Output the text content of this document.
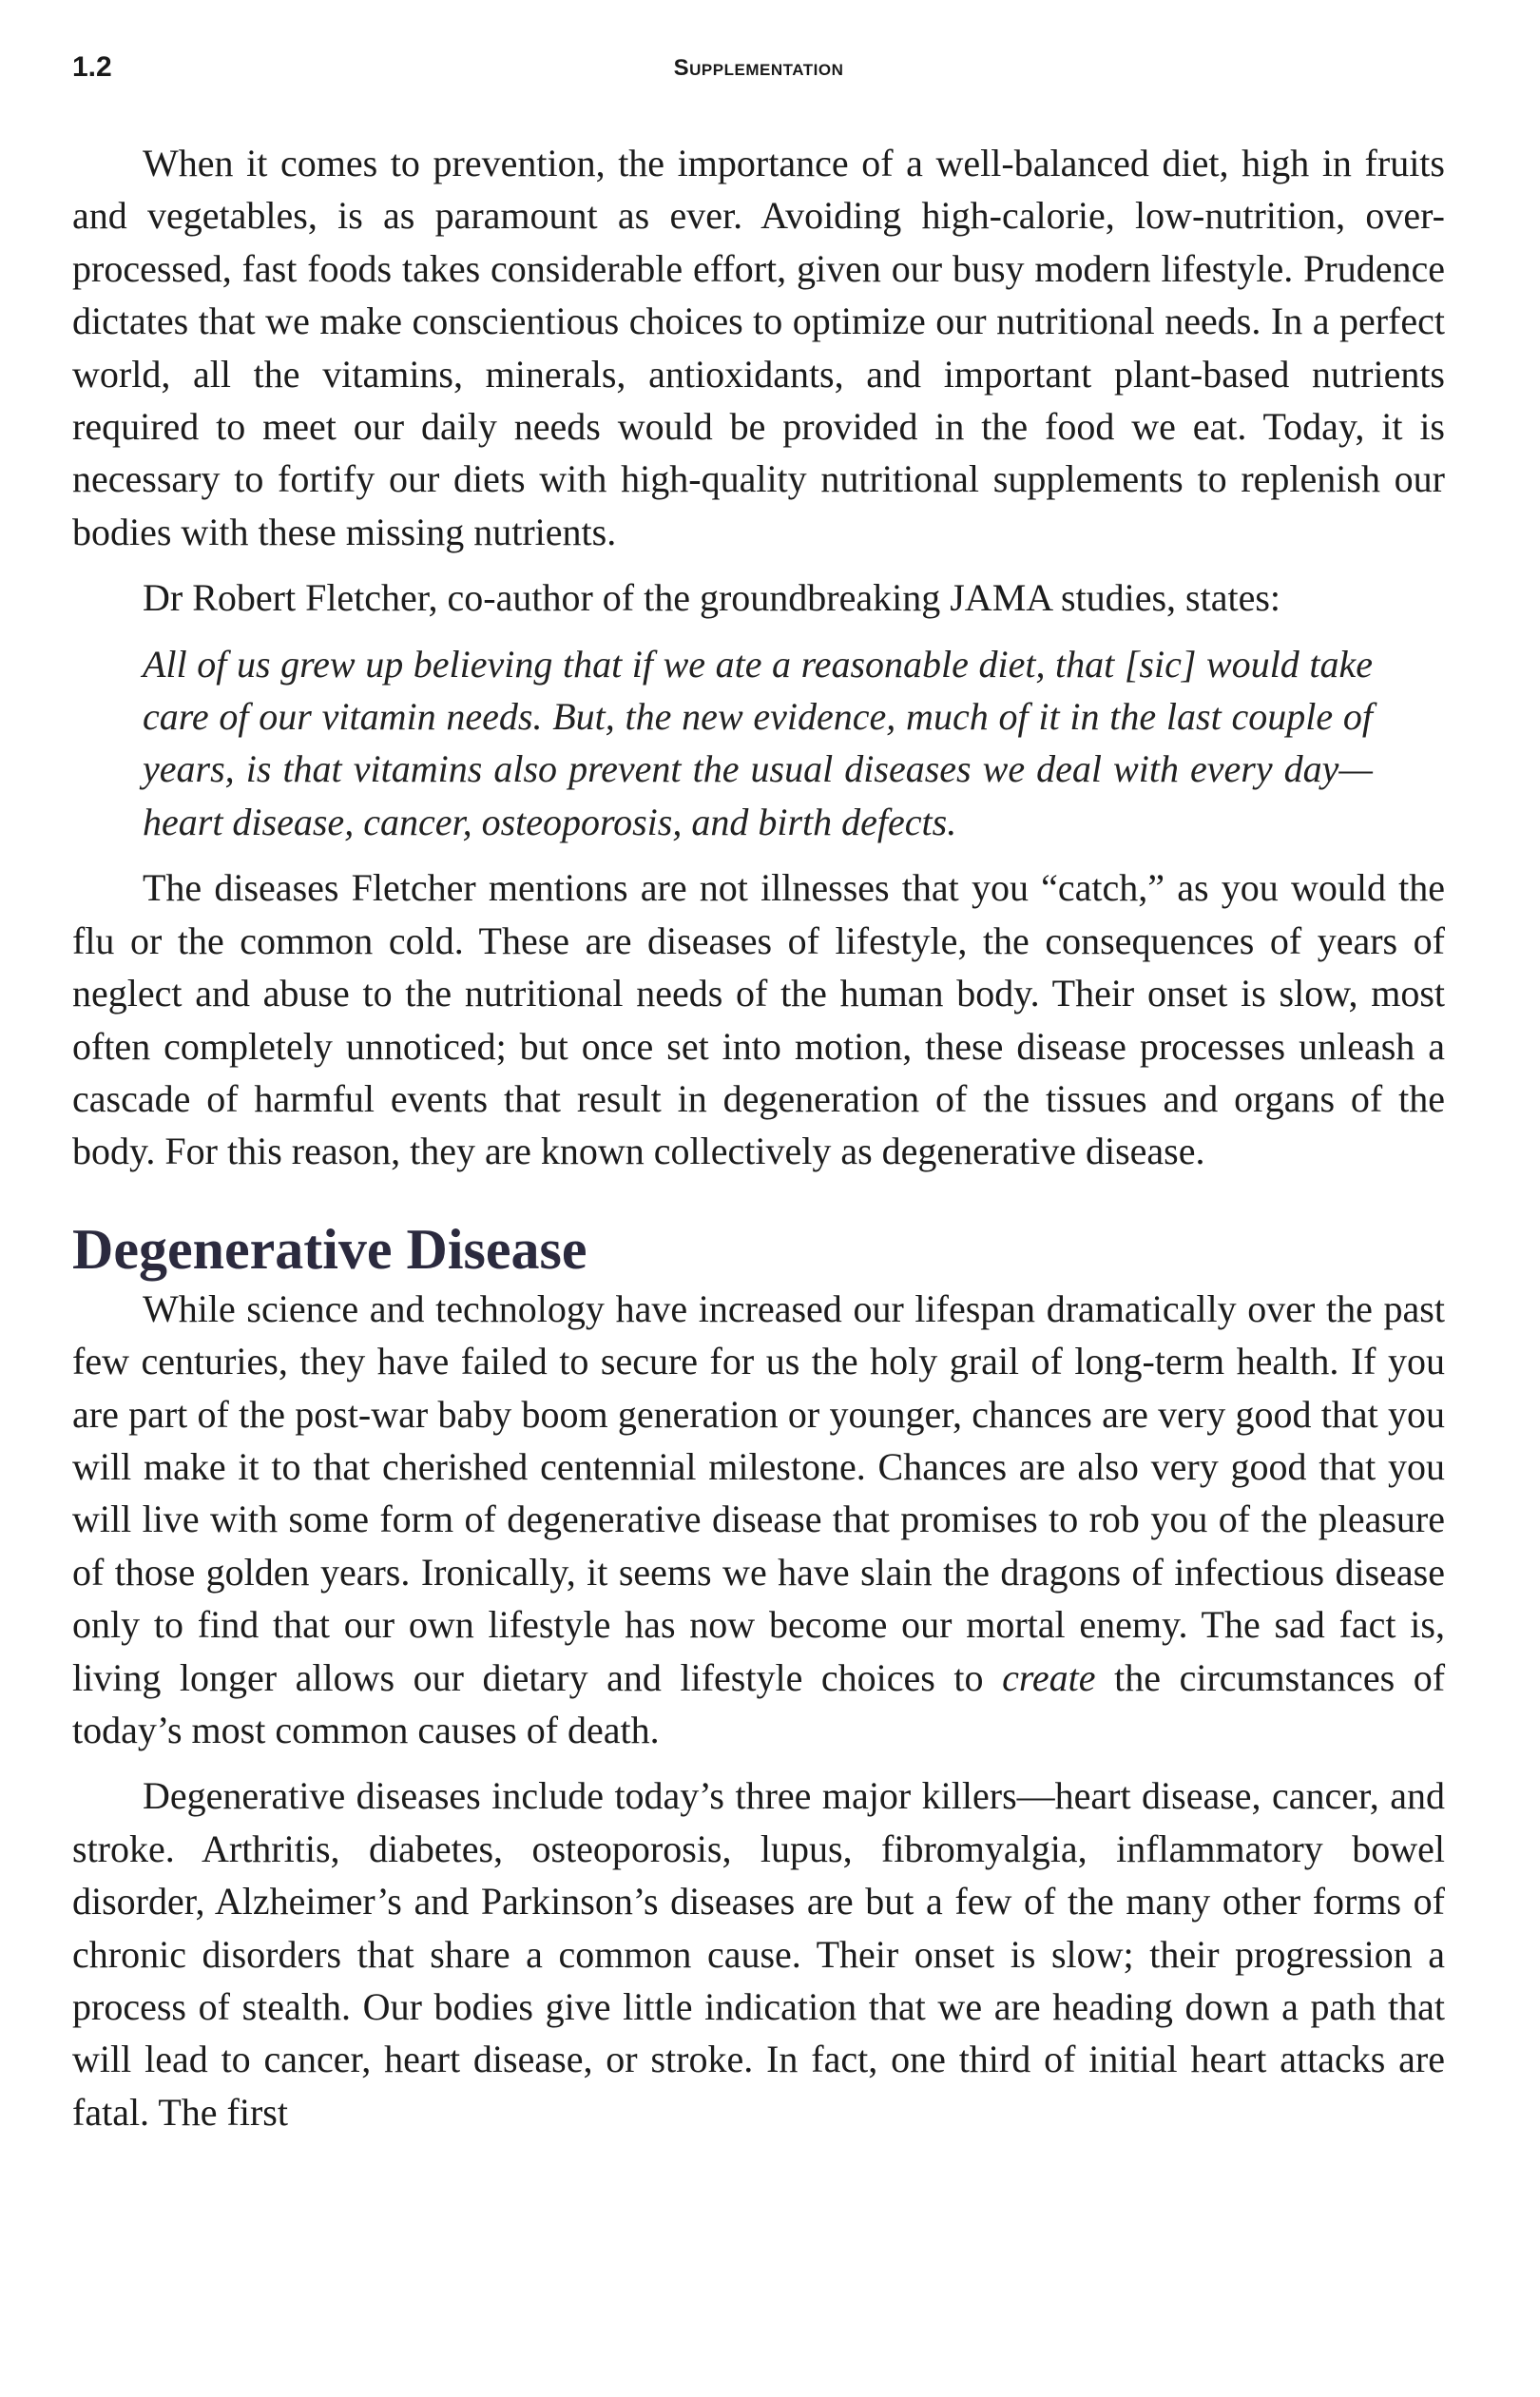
1.2	Supplementation

When it comes to prevention, the importance of a well-balanced diet, high in fruits and vegetables, is as paramount as ever. Avoiding high-calorie, low-nutrition, over-processed, fast foods takes considerable effort, given our busy modern lifestyle. Prudence dictates that we make conscientious choices to optimize our nutritional needs. In a perfect world, all the vitamins, minerals, antioxidants, and important plant-based nutrients required to meet our daily needs would be provided in the food we eat. Today, it is necessary to fortify our diets with high-quality nutritional supplements to replenish our bodies with these missing nutrients.

Dr Robert Fletcher, co-author of the groundbreaking JAMA studies, states:

All of us grew up believing that if we ate a reasonable diet, that [sic] would take care of our vitamin needs. But, the new evidence, much of it in the last couple of years, is that vitamins also prevent the usual diseases we deal with every day—heart disease, cancer, osteoporosis, and birth defects.

The diseases Fletcher mentions are not illnesses that you “catch,” as you would the flu or the common cold. These are diseases of lifestyle, the consequences of years of neglect and abuse to the nutritional needs of the human body. Their onset is slow, most often completely unnoticed; but once set into motion, these disease processes unleash a cascade of harmful events that result in degeneration of the tissues and organs of the body. For this reason, they are known collectively as degenerative disease.

Degenerative Disease

While science and technology have increased our lifespan dramatically over the past few centuries, they have failed to secure for us the holy grail of long-term health. If you are part of the post-war baby boom generation or younger, chances are very good that you will make it to that cherished centennial milestone. Chances are also very good that you will live with some form of degenerative disease that promises to rob you of the pleasure of those golden years. Ironically, it seems we have slain the dragons of infectious disease only to find that our own lifestyle has now become our mortal enemy. The sad fact is, living longer allows our dietary and lifestyle choices to create the circumstances of today’s most common causes of death.

Degenerative diseases include today’s three major killers—heart disease, cancer, and stroke. Arthritis, diabetes, osteoporosis, lupus, fibromyalgia, inflammatory bowel disorder, Alzheimer’s and Parkinson’s diseases are but a few of the many other forms of chronic disorders that share a common cause. Their onset is slow; their progression a process of stealth. Our bodies give little indication that we are heading down a path that will lead to cancer, heart disease, or stroke. In fact, one third of initial heart attacks are fatal. The first
